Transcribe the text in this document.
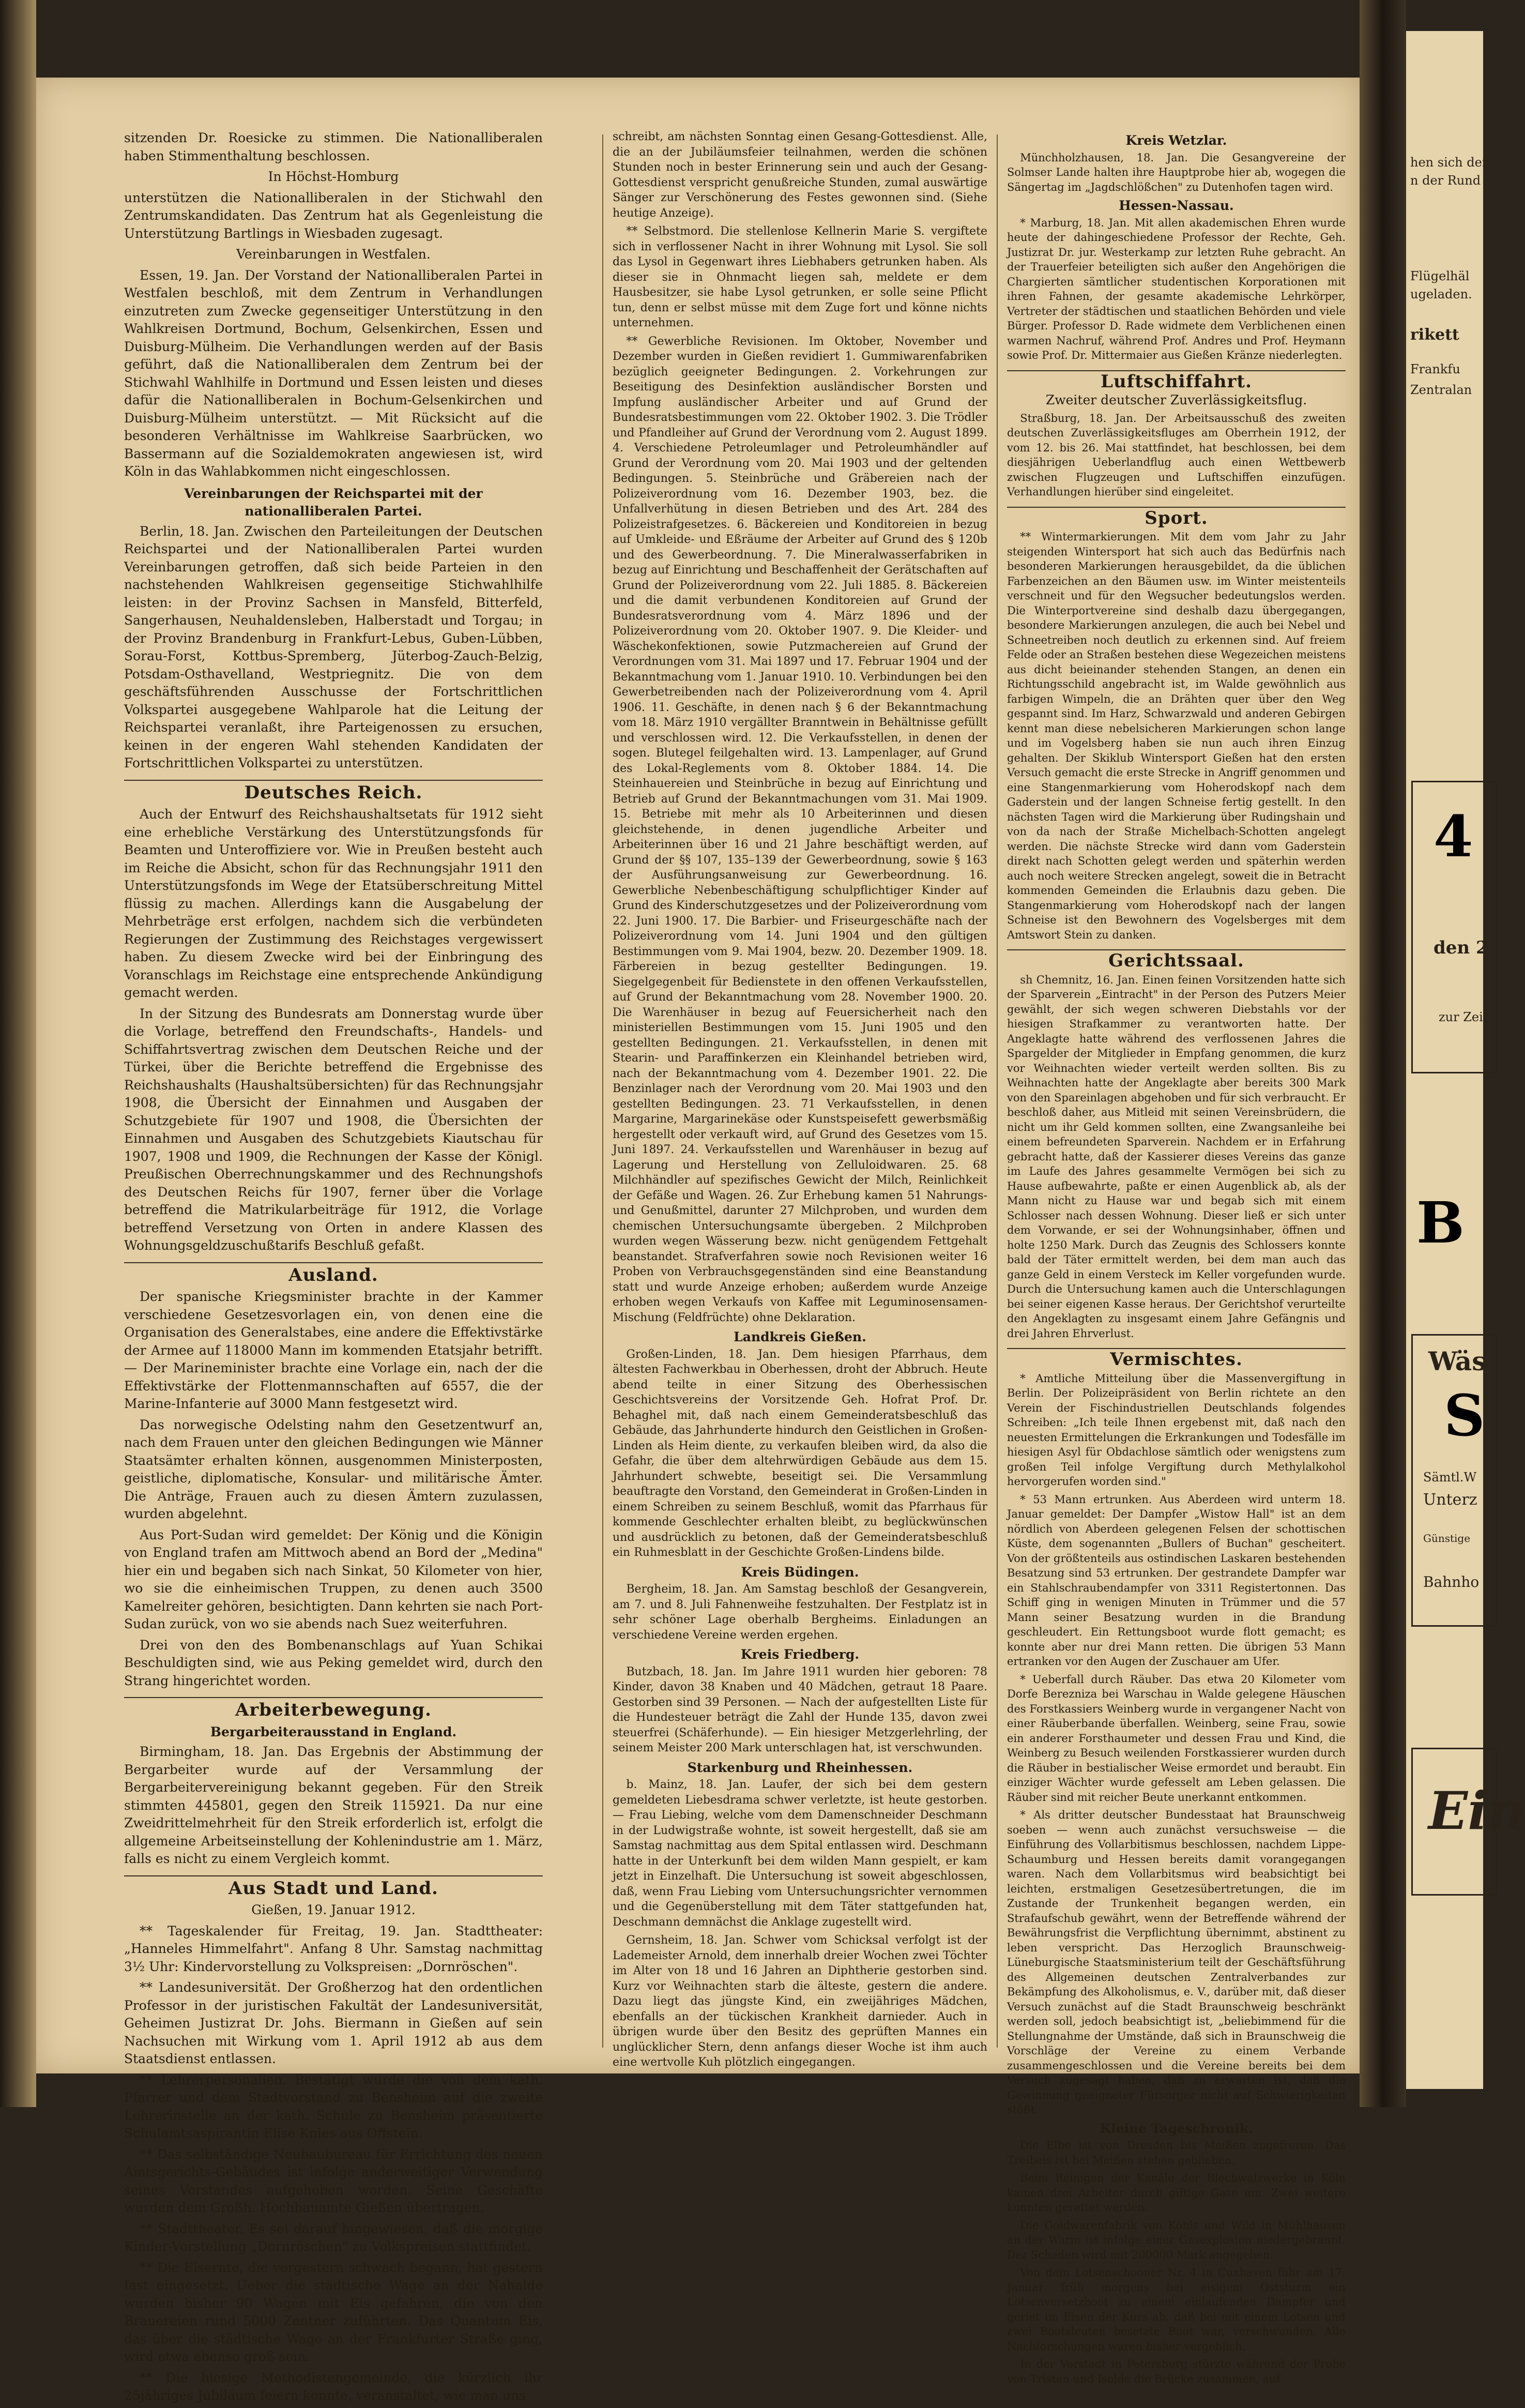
sitzenden Dr. Roesicke zu stimmen. Die Nationalliberalen haben Stimmenthaltung beschlossen.

In Höchst-Homburg

unterstützen die Nationalliberalen in der Stichwahl den Zentrumskandidaten. Das Zentrum hat als Gegenleistung die Unterstützung Bartlings in Wiesbaden zugesagt.

Vereinbarungen in Westfalen.

Essen, 19. Jan. Der Vorstand der Nationalliberalen Partei in Westfalen beschloß, mit dem Zentrum in Verhandlungen einzutreten zum Zwecke gegenseitiger Unterstützung in den Wahlkreisen Dortmund, Bochum, Gelsenkirchen, Essen und Duisburg-Mülheim. Die Verhandlungen werden auf der Basis geführt, daß die Nationalliberalen dem Zentrum bei der Stichwahl Wahlhilfe in Dortmund und Essen leisten und dieses dafür die Nationalliberalen in Bochum-Gelsenkirchen und Duisburg-Mülheim unterstützt. — Mit Rücksicht auf die besonderen Verhältnisse im Wahlkreise Saarbrücken, wo Bassermann auf die Sozialdemokraten angewiesen ist, wird Köln in das Wahlabkommen nicht eingeschlossen.

Vereinbarungen der Reichspartei mit der nationalliberalen Partei.

Berlin, 18. Jan. Zwischen den Parteileitungen der Deutschen Reichspartei und der Nationalliberalen Partei wurden Vereinbarungen getroffen, daß sich beide Parteien in den nachstehenden Wahlkreisen gegenseitige Stichwahlhilfe leisten: in der Provinz Sachsen in Mansfeld, Bitterfeld, Sangerhausen, Neuhaldensleben, Halberstadt und Torgau; in der Provinz Brandenburg in Frankfurt-Lebus, Guben-Lübben, Sorau-Forst, Kottbus-Spremberg, Jüterbog-Zauch-Belzig, Potsdam-Osthavelland, Westpriegnitz. Die von dem geschäftsführenden Ausschusse der Fortschrittlichen Volkspartei ausgegebene Wahlparole hat die Leitung der Reichspartei veranlaßt, ihre Parteigenossen zu ersuchen, keinen in der engeren Wahl stehenden Kandidaten der Fortschrittlichen Volkspartei zu unterstützen.

Deutsches Reich.

Auch der Entwurf des Reichshaushaltsetats für 1912 sieht eine erhebliche Verstärkung des Unterstützungsfonds für Beamten und Unteroffiziere vor. Wie in Preußen besteht auch im Reiche die Absicht, schon für das Rechnungsjahr 1911 den Unterstützungsfonds im Wege der Etatsüberschreitung Mittel flüssig zu machen. Allerdings kann die Ausgabelung der Mehrbeträge erst erfolgen, nachdem sich die verbündeten Regierungen der Zustimmung des Reichstages vergewissert haben. Zu diesem Zwecke wird bei der Einbringung des Voranschlags im Reichstage eine entsprechende Ankündigung gemacht werden.

In der Sitzung des Bundesrats am Donnerstag wurde über die Vorlage, betreffend den Freundschafts-, Handels- und Schiffahrtsvertrag zwischen dem Deutschen Reiche und der Türkei, über die Berichte betreffend die Ergebnisse des Reichshaushalts (Haushaltsübersichten) für das Rechnungsjahr 1908, die Übersicht der Einnahmen und Ausgaben der Schutzgebiete für 1907 und 1908, die Übersichten der Einnahmen und Ausgaben des Schutzgebiets Kiautschau für 1907, 1908 und 1909, die Rechnungen der Kasse der Königl. Preußischen Oberrechnungskammer und des Rechnungshofs des Deutschen Reichs für 1907, ferner über die Vorlage betreffend die Matrikularbeiträge für 1912, die Vorlage betreffend Versetzung von Orten in andere Klassen des Wohnungsgeldzuschußtarifs Beschluß gefaßt.

Ausland.

Der spanische Kriegsminister brachte in der Kammer verschiedene Gesetzesvorlagen ein, von denen eine die Organisation des Generalstabes, eine andere die Effektivstärke der Armee auf 118000 Mann im kommenden Etatsjahr betrifft. — Der Marineminister brachte eine Vorlage ein, nach der die Effektivstärke der Flottenmannschaften auf 6557, die der Marine-Infanterie auf 3000 Mann festgesetzt wird.

Das norwegische Odelsting nahm den Gesetzentwurf an, nach dem Frauen unter den gleichen Bedingungen wie Männer Staatsämter erhalten können, ausgenommen Ministerposten, geistliche, diplomatische, Konsular- und militärische Ämter. Die Anträge, Frauen auch zu diesen Ämtern zuzulassen, wurden abgelehnt.

Aus Port-Sudan wird gemeldet: Der König und die Königin von England trafen am Mittwoch abend an Bord der „Medina" hier ein und begaben sich nach Sinkat, 50 Kilometer von hier, wo sie die einheimischen Truppen, zu denen auch 3500 Kamelreiter gehören, besichtigten. Dann kehrten sie nach Port-Sudan zurück, von wo sie abends nach Suez weiterfuhren.

Drei von den des Bombenanschlags auf Yuan Schikai Beschuldigten sind, wie aus Peking gemeldet wird, durch den Strang hingerichtet worden.

Arbeiterbewegung.
Bergarbeiterausstand in England.

Birmingham, 18. Jan. Das Ergebnis der Abstimmung der Bergarbeiter wurde auf der Versammlung der Bergarbeitervereinigung bekannt gegeben. Für den Streik stimmten 445801, gegen den Streik 115921. Da nur eine Zweidrittelmehrheit für den Streik erforderlich ist, erfolgt die allgemeine Arbeitseinstellung der Kohlenindustrie am 1. März, falls es nicht zu einem Vergleich kommt.

Aus Stadt und Land.
Gießen, 19. Januar 1912.

** Tageskalender für Freitag, 19. Jan. Stadttheater: „Hanneles Himmelfahrt". Anfang 8 Uhr. Samstag nachmittag 3½ Uhr: Kindervorstellung zu Volkspreisen: „Dornröschen".

** Landesuniversität. Der Großherzog hat den ordentlichen Professor in der juristischen Fakultät der Landesuniversität, Geheimen Justizrat Dr. Johs. Biermann in Gießen auf sein Nachsuchen mit Wirkung vom 1. April 1912 ab aus dem Staatsdienst entlassen.

** Lehrerpersonalien. Bestätigt wurde die von dem kath. Pfarrer und dem Stadtvorstand zu Bensheim auf die zweite Lehrerinstelle an der kath. Schule zu Bensheim präsentierte Schulamtsaspirantin Elise Knies aus Offstein.

** Das selbständige Neubaubureau für Errichtung des neuen Amtsgerichts-Gebäudes ist infolge anderweitiger Verwendung seines Vorstandes aufgehoben worden. Seine Geschäfte wurden dem Großh. Hochbauamte Gießen übertragen.

** Stadttheater. Es sei darauf hingewiesen, daß die morgige Kinder-Vorstellung „Dornröschen" zu Volkspreisen stattfindet.

** Die Eisernte, die vorgestern schwach begann, hat gestern fast eingesetzt. Ueber die städtische Wage an der Nahalde wurden bisher 90 Wagen mit Eis gefahren, die von den Brauereien rund 5000 Zentner zuführten. Das Quantum Eis, das über die städtische Wage an der Frankfurter Straße ging, wird etwa ebenso groß sein.

** Die hiesige Methodistengemeinde, die kürzlich ihr 25jähriges Jubiläum feiern konnte, veranstaltet, wie man uns

schreibt, am nächsten Sonntag einen Gesang-Gottesdienst. Alle, die an der Jubiläumsfeier teilnahmen, werden die schönen Stunden noch in bester Erinnerung sein und auch der Gesang-Gottesdienst verspricht genußreiche Stunden, zumal auswärtige Sänger zur Verschönerung des Festes gewonnen sind. (Siehe heutige Anzeige).

** Selbstmord. Die stellenlose Kellnerin Marie S. vergiftete sich in verflossener Nacht in ihrer Wohnung mit Lysol. Sie soll das Lysol in Gegenwart ihres Liebhabers getrunken haben. Als dieser sie in Ohnmacht liegen sah, meldete er dem Hausbesitzer, sie habe Lysol getrunken, er solle seine Pflicht tun, denn er selbst müsse mit dem Zuge fort und könne nichts unternehmen.

** Gewerbliche Revisionen. Im Oktober, November und Dezember wurden in Gießen revidiert 1. Gummiwarenfabriken bezüglich geeigneter Bedingungen. 2. Vorkehrungen zur Beseitigung des Desinfektion ausländischer Borsten und Impfung ausländischer Arbeiter und auf Grund der Bundesratsbestimmungen vom 22. Oktober 1902. 3. Die Trödler und Pfandleiher auf Grund der Verordnung vom 2. August 1899. 4. Verschiedene Petroleumlager und Petroleumhändler auf Grund der Verordnung vom 20. Mai 1903 und der geltenden Bedingungen. 5. Steinbrüche und Gräbereien nach der Polizeiverordnung vom 16. Dezember 1903, bez. die Unfallverhütung in diesen Betrieben und des Art. 284 des Polizeistrafgesetzes. 6. Bäckereien und Konditoreien in bezug auf Umkleide- und Eßräume der Arbeiter auf Grund des § 120b und des Gewerbeordnung. 7. Die Mineralwasserfabriken in bezug auf Einrichtung und Beschaffenheit der Gerätschaften auf Grund der Polizeiverordnung vom 22. Juli 1885. 8. Bäckereien und die damit verbundenen Konditoreien auf Grund der Bundesratsverordnung vom 4. März 1896 und der Polizeiverordnung vom 20. Oktober 1907. 9. Die Kleider- und Wäschekonfektionen, sowie Putzmachereien auf Grund der Verordnungen vom 31. Mai 1897 und 17. Februar 1904 und der Bekanntmachung vom 1. Januar 1910. 10. Verbindungen bei den Gewerbetreibenden nach der Polizeiverordnung vom 4. April 1906. 11. Geschäfte, in denen nach § 6 der Bekanntmachung vom 18. März 1910 vergällter Branntwein in Behältnisse gefüllt und verschlossen wird. 12. Die Verkaufsstellen, in denen der sogen. Blutegel feilgehalten wird. 13. Lampenlager, auf Grund des Lokal-Reglements vom 8. Oktober 1884. 14. Die Steinhauereien und Steinbrüche in bezug auf Einrichtung und Betrieb auf Grund der Bekanntmachungen vom 31. Mai 1909. 15. Betriebe mit mehr als 10 Arbeiterinnen und diesen gleichstehende, in denen jugendliche Arbeiter und Arbeiterinnen über 16 und 21 Jahre beschäftigt werden, auf Grund der §§ 107, 135–139 der Gewerbeordnung, sowie § 163 der Ausführungsanweisung zur Gewerbeordnung. 16. Gewerbliche Nebenbeschäftigung schulpflichtiger Kinder auf Grund des Kinderschutzgesetzes und der Polizeiverordnung vom 22. Juni 1900. 17. Die Barbier- und Friseurgeschäfte nach der Polizeiverordnung vom 14. Juni 1904 und den gültigen Bestimmungen vom 9. Mai 1904, bezw. 20. Dezember 1909. 18. Färbereien in bezug gestellter Bedingungen. 19. Siegelgegenbeit für Bedienstete in den offenen Verkaufsstellen, auf Grund der Bekanntmachung vom 28. November 1900. 20. Die Warenhäuser in bezug auf Feuersicherheit nach den ministeriellen Bestimmungen vom 15. Juni 1905 und den gestellten Bedingungen. 21. Verkaufsstellen, in denen mit Stearin- und Paraffinkerzen ein Kleinhandel betrieben wird, nach der Bekanntmachung vom 4. Dezember 1901. 22. Die Benzinlager nach der Verordnung vom 20. Mai 1903 und den gestellten Bedingungen. 23. 71 Verkaufsstellen, in denen Margarine, Margarinekäse oder Kunstspeisefett gewerbsmäßig hergestellt oder verkauft wird, auf Grund des Gesetzes vom 15. Juni 1897. 24. Verkaufsstellen und Warenhäuser in bezug auf Lagerung und Herstellung von Zelluloidwaren. 25. 68 Milchhändler auf spezifisches Gewicht der Milch, Reinlichkeit der Gefäße und Wagen. 26. Zur Erhebung kamen 51 Nahrungs- und Genußmittel, darunter 27 Milchproben, und wurden dem chemischen Untersuchungsamte übergeben. 2 Milchproben wurden wegen Wässerung bezw. nicht genügendem Fettgehalt beanstandet. Strafverfahren sowie noch Revisionen weiter 16 Proben von Verbrauchsgegenständen sind eine Beanstandung statt und wurde Anzeige erhoben; außerdem wurde Anzeige erhoben wegen Verkaufs von Kaffee mit Leguminosensamen-Mischung (Feldfrüchte) ohne Deklaration.

Landkreis Gießen.

Großen-Linden, 18. Jan. Dem hiesigen Pfarrhaus, dem ältesten Fachwerkbau in Oberhessen, droht der Abbruch. Heute abend teilte in einer Sitzung des Oberhessischen Geschichtsvereins der Vorsitzende Geh. Hofrat Prof. Dr. Behaghel mit, daß nach einem Gemeinderatsbeschluß das Gebäude, das Jahrhunderte hindurch den Geistlichen in Großen-Linden als Heim diente, zu verkaufen bleiben wird, da also die Gefahr, die über dem altehrwürdigen Gebäude aus dem 15. Jahrhundert schwebte, beseitigt sei. Die Versammlung beauftragte den Vorstand, den Gemeinderat in Großen-Linden in einem Schreiben zu seinem Beschluß, womit das Pfarrhaus für kommende Geschlechter erhalten bleibt, zu beglückwünschen und ausdrücklich zu betonen, daß der Gemeinderatsbeschluß ein Ruhmesblatt in der Geschichte Großen-Lindens bilde.

Kreis Büdingen.

Bergheim, 18. Jan. Am Samstag beschloß der Gesangverein, am 7. und 8. Juli Fahnenweihe festzuhalten. Der Festplatz ist in sehr schöner Lage oberhalb Bergheims. Einladungen an verschiedene Vereine werden ergehen.

Kreis Friedberg.

Butzbach, 18. Jan. Im Jahre 1911 wurden hier geboren: 78 Kinder, davon 38 Knaben und 40 Mädchen, getraut 18 Paare. Gestorben sind 39 Personen. — Nach der aufgestellten Liste für die Hundesteuer beträgt die Zahl der Hunde 135, davon zwei steuerfrei (Schäferhunde). — Ein hiesiger Metzgerlehrling, der seinem Meister 200 Mark unterschlagen hat, ist verschwunden.

Starkenburg und Rheinhessen.

b. Mainz, 18. Jan. Laufer, der sich bei dem gestern gemeldeten Liebesdrama schwer verletzte, ist heute gestorben. — Frau Liebing, welche vom dem Damenschneider Deschmann in der Ludwigstraße wohnte, ist soweit hergestellt, daß sie am Samstag nachmittag aus dem Spital entlassen wird. Deschmann hatte in der Unterkunft bei dem wilden Mann gespielt, er kam jetzt in Einzelhaft. Die Untersuchung ist soweit abgeschlossen, daß, wenn Frau Liebing vom Untersuchungsrichter vernommen und die Gegenüberstellung mit dem Täter stattgefunden hat, Deschmann demnächst die Anklage zugestellt wird.

Gernsheim, 18. Jan. Schwer vom Schicksal verfolgt ist der Lademeister Arnold, dem innerhalb dreier Wochen zwei Töchter im Alter von 18 und 16 Jahren an Diphtherie gestorben sind. Kurz vor Weihnachten starb die älteste, gestern die andere. Dazu liegt das jüngste Kind, ein zweijähriges Mädchen, ebenfalls an der tückischen Krankheit darnieder. Auch in übrigen wurde über den Besitz des geprüften Mannes ein unglücklicher Stern, denn anfangs dieser Woche ist ihm auch eine wertvolle Kuh plötzlich eingegangen.

Kreis Wetzlar.

Münchholzhausen, 18. Jan. Die Gesangvereine der Solmser Lande halten ihre Hauptprobe hier ab, wogegen die Sängertag im „Jagdschlößchen" zu Dutenhofen tagen wird.

Hessen-Nassau.

* Marburg, 18. Jan. Mit allen akademischen Ehren wurde heute der dahingeschiedene Professor der Rechte, Geh. Justizrat Dr. jur. Westerkamp zur letzten Ruhe gebracht. An der Trauerfeier beteiligten sich außer den Angehörigen die Chargierten sämtlicher studentischen Korporationen mit ihren Fahnen, der gesamte akademische Lehrkörper, Vertreter der städtischen und staatlichen Behörden und viele Bürger. Professor D. Rade widmete dem Verblichenen einen warmen Nachruf, während Prof. Andres und Prof. Heymann sowie Prof. Dr. Mittermaier aus Gießen Kränze niederlegten.

Luftschiffahrt.
Zweiter deutscher Zuverlässigkeitsflug.

Straßburg, 18. Jan. Der Arbeitsausschuß des zweiten deutschen Zuverlässigkeitsfluges am Oberrhein 1912, der vom 12. bis 26. Mai stattfindet, hat beschlossen, bei dem diesjährigen Ueberlandflug auch einen Wettbewerb zwischen Flugzeugen und Luftschiffen einzufügen. Verhandlungen hierüber sind eingeleitet.

Sport.

** Wintermarkierungen. Mit dem vom Jahr zu Jahr steigenden Wintersport hat sich auch das Bedürfnis nach besonderen Markierungen herausgebildet, da die üblichen Farbenzeichen an den Bäumen usw. im Winter meistenteils verschneit und für den Wegsucher bedeutungslos werden. Die Winterportvereine sind deshalb dazu übergegangen, besondere Markierungen anzulegen, die auch bei Nebel und Schneetreiben noch deutlich zu erkennen sind. Auf freiem Felde oder an Straßen bestehen diese Wegezeichen meistens aus dicht beieinander stehenden Stangen, an denen ein Richtungsschild angebracht ist, im Walde gewöhnlich aus farbigen Wimpeln, die an Drähten quer über den Weg gespannt sind. Im Harz, Schwarzwald und anderen Gebirgen kennt man diese nebelsicheren Markierungen schon lange und im Vogelsberg haben sie nun auch ihren Einzug gehalten. Der Skiklub Wintersport Gießen hat den ersten Versuch gemacht die erste Strecke in Angriff genommen und eine Stangenmarkierung vom Hoherodskopf nach dem Gaderstein und der langen Schneise fertig gestellt. In den nächsten Tagen wird die Markierung über Rudingshain und von da nach der Straße Michelbach-Schotten angelegt werden. Die nächste Strecke wird dann vom Gaderstein direkt nach Schotten gelegt werden und späterhin werden auch noch weitere Strecken angelegt, soweit die in Betracht kommenden Gemeinden die Erlaubnis dazu geben. Die Stangenmarkierung vom Hoherodskopf nach der langen Schneise ist den Bewohnern des Vogelsberges mit dem Amtswort Stein zu danken.

Gerichtssaal.

sh Chemnitz, 16. Jan. Einen feinen Vorsitzenden hatte sich der Sparverein „Eintracht" in der Person des Putzers Meier gewählt, der sich wegen schweren Diebstahls vor der hiesigen Strafkammer zu verantworten hatte. Der Angeklagte hatte während des verflossenen Jahres die Spargelder der Mitglieder in Empfang genommen, die kurz vor Weihnachten wieder verteilt werden sollten. Bis zu Weihnachten hatte der Angeklagte aber bereits 300 Mark von den Spareinlagen abgehoben und für sich verbraucht. Er beschloß daher, aus Mitleid mit seinen Vereinsbrüdern, die nicht um ihr Geld kommen sollten, eine Zwangsanleihe bei einem befreundeten Sparverein. Nachdem er in Erfahrung gebracht hatte, daß der Kassierer dieses Vereins das ganze im Laufe des Jahres gesammelte Vermögen bei sich zu Hause aufbewahrte, paßte er einen Augenblick ab, als der Mann nicht zu Hause war und begab sich mit einem Schlosser nach dessen Wohnung. Dieser ließ er sich unter dem Vorwande, er sei der Wohnungsinhaber, öffnen und holte 1250 Mark. Durch das Zeugnis des Schlossers konnte bald der Täter ermittelt werden, bei dem man auch das ganze Geld in einem Versteck im Keller vorgefunden wurde. Durch die Untersuchung kamen auch die Unterschlagungen bei seiner eigenen Kasse heraus. Der Gerichtshof verurteilte den Angeklagten zu insgesamt einem Jahre Gefängnis und drei Jahren Ehrverlust.

Vermischtes.

* Amtliche Mitteilung über die Massenvergiftung in Berlin. Der Polizeipräsident von Berlin richtete an den Verein der Fischindustriellen Deutschlands folgendes Schreiben: „Ich teile Ihnen ergebenst mit, daß nach den neuesten Ermittelungen die Erkrankungen und Todesfälle im hiesigen Asyl für Obdachlose sämtlich oder wenigstens zum großen Teil infolge Vergiftung durch Methylalkohol hervorgerufen worden sind."

* 53 Mann ertrunken. Aus Aberdeen wird unterm 18. Januar gemeldet: Der Dampfer „Wistow Hall" ist an dem nördlich von Aberdeen gelegenen Felsen der schottischen Küste, dem sogenannten „Bullers of Buchan" gescheitert. Von der größtenteils aus ostindischen Laskaren bestehenden Besatzung sind 53 ertrunken. Der gestrandete Dampfer war ein Stahlschraubendampfer von 3311 Registertonnen. Das Schiff ging in wenigen Minuten in Trümmer und die 57 Mann seiner Besatzung wurden in die Brandung geschleudert. Ein Rettungsboot wurde flott gemacht; es konnte aber nur drei Mann retten. Die übrigen 53 Mann ertranken vor den Augen der Zuschauer am Ufer.

* Ueberfall durch Räuber. Das etwa 20 Kilometer vom Dorfe Berezniza bei Warschau in Walde gelegene Häuschen des Forstkassiers Weinberg wurde in vergangener Nacht von einer Räuberbande überfallen. Weinberg, seine Frau, sowie ein anderer Forsthaumeter und dessen Frau und Kind, die Weinberg zu Besuch weilenden Forstkassierer wurden durch die Räuber in bestialischer Weise ermordet und beraubt. Ein einziger Wächter wurde gefesselt am Leben gelassen. Die Räuber sind mit reicher Beute unerkannt entkommen.

* Als dritter deutscher Bundesstaat hat Braunschweig soeben — wenn auch zunächst versuchsweise — die Einführung des Vollarbitismus beschlossen, nachdem Lippe-Schaumburg und Hessen bereits damit vorangegangen waren. Nach dem Vollarbitsmus wird beabsichtigt bei leichten, erstmaligen Gesetzesübertretungen, die im Zustande der Trunkenheit begangen werden, ein Strafaufschub gewährt, wenn der Betreffende während der Bewährungsfrist die Verpflichtung übernimmt, abstinent zu leben verspricht. Das Herzoglich Braunschweig-Lüneburgische Staatsministerium teilt der Geschäftsführung des Allgemeinen deutschen Zentralverbandes zur Bekämpfung des Alkoholismus, e. V., darüber mit, daß dieser Versuch zunächst auf die Stadt Braunschweig beschränkt werden soll, jedoch beabsichtigt ist, „beliebimmend für die Stellungnahme der Umstände, daß sich in Braunschweig die Vorschläge der Vereine zu einem Verbande zusammengeschlossen und die Vereine bereits bei dem Versuch zugesagt haben, daß zu erwarten ist, daß die Gewinnung geeigneter Fürsorger nicht auf Schwierigkeiten stößt.

Kleine Tageschronik.

Die Elbe ist von Dresden bis Meißen zugefroren. Das Treibeis ist bei Meißen stehen geblieben.

Beim Reinigen der Kanäle der Blechwalzwerke in Köln kamen drei Arbeiter durch giftige Gase um. Zwei weitere konnten gerettet werden.

Die Goldwarenfabrik von Köhls und Wild in Mühlhausen an der Warm ist infolge einer Gasexplosion niedergebrannt. Der Schaden wird mit 200000 Mark angegeben.

Von dem Lotsenschooner Nr. 4 in Cuxhaven führ am 17. Januar früh morgens bei eisigem Oststurm ein Lotsenversetzboot zu einem einlaufenden Dampfer und geriet im Eisen der Kurs ab, daß bei mit einem Lotsen und zwei Bootsleuten besetzte Boot war, verschwunden. Alle Nachforschungen waren bisher vergeblich.

In der Vorstadt in Petersburg stürzte während der Probe von Tristan und Isolde die Brücke zusammen, auf

hen sich der
n der Rund
Flügelhäl
ugeladen.
rikett
Frankfu
Zentralan
4
den 2
zur Zeit
B
Wäs
S
Sämtl.W
Unterz
Günstige
Bahnho
Ein
